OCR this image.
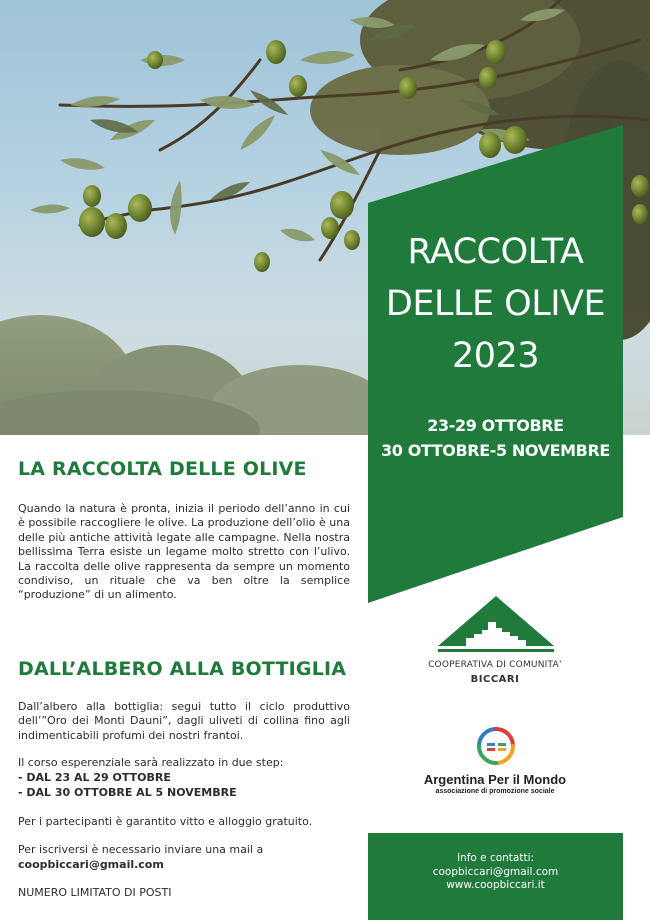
RACCOLTA
DELLE OLIVE
2023
23-29 OTTOBRE
30 OTTOBRE-5 NOVEMBRE
LA RACCOLTA DELLE OLIVE
Quando la natura è pronta, inizia il periodo dell’anno in cui è possibile raccogliere le olive. La produzione dell’olio è una delle più antiche attività legate alle campagne. Nella nostra bellissima Terra esiste un legame molto stretto con l’ulivo. La raccolta delle olive rappresenta da sempre un momento condiviso, un rituale che va ben oltre la semplice “produzione” di un alimento.
DALL’ALBERO ALLA BOTTIGLIA
Dall’albero alla bottiglia: segui tutto il ciclo produttivo dell’”Oro dei Monti Dauni”, dagli uliveti di collina fino agli indimenticabili profumi dei nostri frantoi.
Il corso esperenziale sarà realizzato in due step:
- DAL 23 AL 29 OTTOBRE
- DAL 30 OTTOBRE AL 5 NOVEMBRE
Per i partecipanti è garantito vitto e alloggio gratuito.
Per iscriversi è necessario inviare una mail a
coopbiccari@gmail.com
NUMERO LIMITATO DI POSTI
COOPERATIVA DI COMUNITA’
BICCARI
Argentina Per il Mondo
associazione di promozione sociale
Info e contatti:
coopbiccari@gmail.com
www.coopbiccari.it
